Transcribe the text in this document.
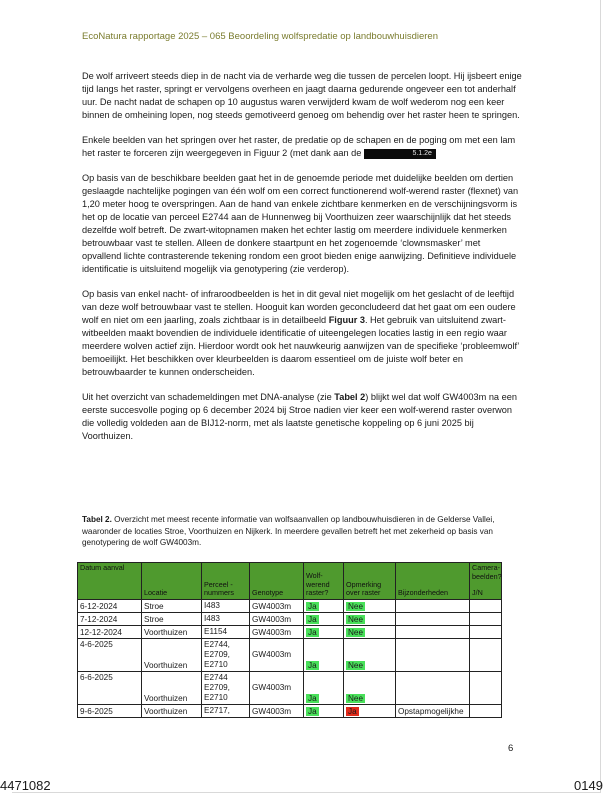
EcoNatura rapportage 2025 – 065 Beoordeling wolfspredatie op landbouwhuisdieren

De wolf arriveert steeds diep in de nacht via de verharde weg die tussen de percelen loopt. Hij ijsbeert enige tijd langs het raster, springt er vervolgens overheen en jaagt daarna gedurende ongeveer een tot anderhalf uur. De nacht nadat de schapen op 10 augustus waren verwijderd kwam de wolf wederom nog een keer binnen de omheining lopen, nog steeds gemotiveerd genoeg om behendig over het raster heen te springen.

Enkele beelden van het springen over het raster, de predatie op de schapen en de poging om met een lam het raster te forceren zijn weergegeven in Figuur 2 (met dank aan de	5.1.2e

Op basis van de beschikbare beelden gaat het in de genoemde periode met duidelijke beelden om dertien geslaagde nachtelijke pogingen van één wolf om een correct functionerend wolf-werend raster (flexnet) van 1,20 meter hoog te overspringen. Aan de hand van enkele zichtbare kenmerken en de verschijningsvorm is het op de locatie van perceel E2744 aan de Hunnenweg bij Voorthuizen zeer waarschijnlijk dat het steeds dezelfde wolf betreft. De zwart-witopnamen maken het echter lastig om meerdere individuele kenmerken betrouwbaar vast te stellen. Alleen de donkere staartpunt en het zogenoemde ‘clownsmasker’ met opvallend lichte contrasterende tekening rondom een groot bieden enige aanwijzing. Definitieve individuele identificatie is uitsluitend mogelijk via genotypering (zie verderop).

Op basis van enkel nacht- of infraroodbeelden is het in dit geval niet mogelijk om het geslacht of de leeftijd van deze wolf betrouwbaar vast te stellen. Hooguit kan worden geconcludeerd dat het gaat om een oudere wolf en niet om een jaarling, zoals zichtbaar is in detailbeeld Figuur 3. Het gebruik van uitsluitend zwart-witbeelden maakt bovendien de individuele identificatie of uiteengelegen locaties lastig in een regio waar meerdere wolven actief zijn. Hierdoor wordt ook het nauwkeurig aanwijzen van de specifieke ‘probleemwolf’ bemoeilijkt. Het beschikken over kleurbeelden is daarom essentieel om de juiste wolf beter en betrouwbaarder te kunnen onderscheiden.

Uit het overzicht van schademeldingen met DNA-analyse (zie Tabel 2) blijkt wel dat wolf GW4003m na een eerste succesvolle poging op 6 december 2024 bij Stroe nadien vier keer een wolf-werend raster overwon die volledig voldeden aan de BIJ12-norm, met als laatste genetische koppeling op 6 juni 2025 bij Voorthuizen.

Tabel 2. Overzicht met meest recente informatie van wolfsaanvallen op landbouwhuisdieren in de Gelderse Vallei, waaronder de locaties Stroe, Voorthuizen en Nijkerk. In meerdere gevallen betreft het met zekerheid op basis van genotypering de wolf GW4003m.
Datum aanval	Locatie	Perceel - nummers	Genotype	Wolf- werend raster?	Opmerking over raster	Bijzonderheden	Camera- beelden?
J/N
6-12-2024	Stroe	I483	GW4003m	Ja	Nee		
7-12-2024	Stroe	I483	GW4003m	Ja	Nee		
12-12-2024	Voorthuizen	E1154	GW4003m	Ja	Nee		
4-6-2025	Voorthuizen	E2744,
E2709,
E2710	GW4003m	Ja	Nee		
6-6-2025	Voorthuizen	E2744
E2709,
E2710	GW4003m	Ja	Nee		
9-6-2025	Voorthuizen	E2717,	GW4003m	Ja	Ja	Opstapmogelijkhe	
6
4471082	0149
